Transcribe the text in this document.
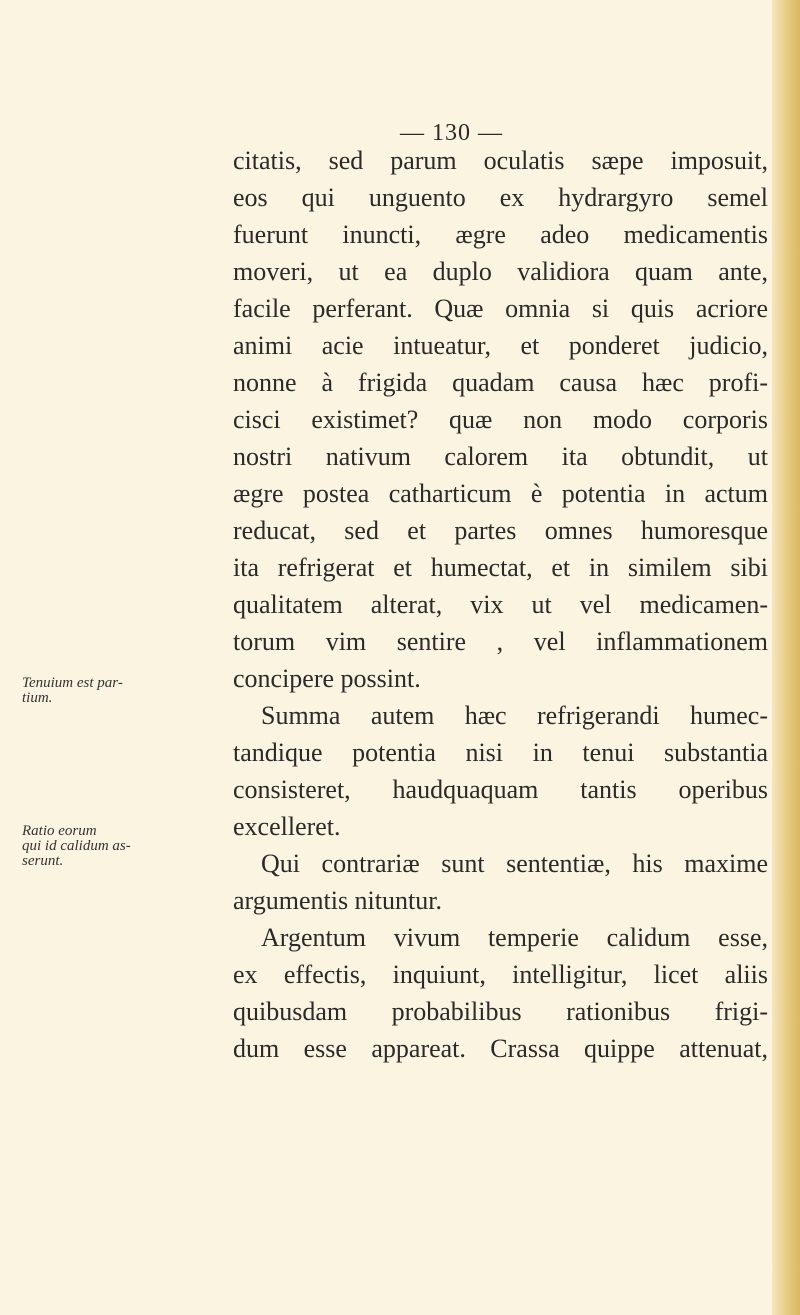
— 130 —
citatis, sed parum oculatis sæpe imposuit,
eos qui unguento ex hydrargyro semel
fuerunt inuncti, ægre adeo medicamentis
moveri, ut ea duplo validiora quam ante,
facile perferant. Quæ omnia si quis acriore
animi acie intueatur, et ponderet judicio,
nonne à frigida quadam causa hæc profi-
cisci existimet? quæ non modo corporis
nostri nativum calorem ita obtundit, ut
ægre postea catharticum è potentia in actum
reducat, sed et partes omnes humoresque
ita refrigerat et humectat, et in similem sibi
qualitatem alterat, vix ut vel medicamen-
torum vim sentire , vel inflammationem
concipere possint.
Summa autem hæc refrigerandi humec-
tandique potentia nisi in tenui substantia
consisteret, haudquaquam tantis operibus
excelleret.
Qui contrariæ sunt sententiæ, his maxime
argumentis nituntur.
Argentum vivum temperie calidum esse,
ex effectis, inquiunt, intelligitur, licet aliis
quibusdam probabilibus rationibus frigi-
dum esse appareat. Crassa quippe attenuat,
Tenuium est par-
tium.
Ratio eorum
qui id calidum as-
serunt.
